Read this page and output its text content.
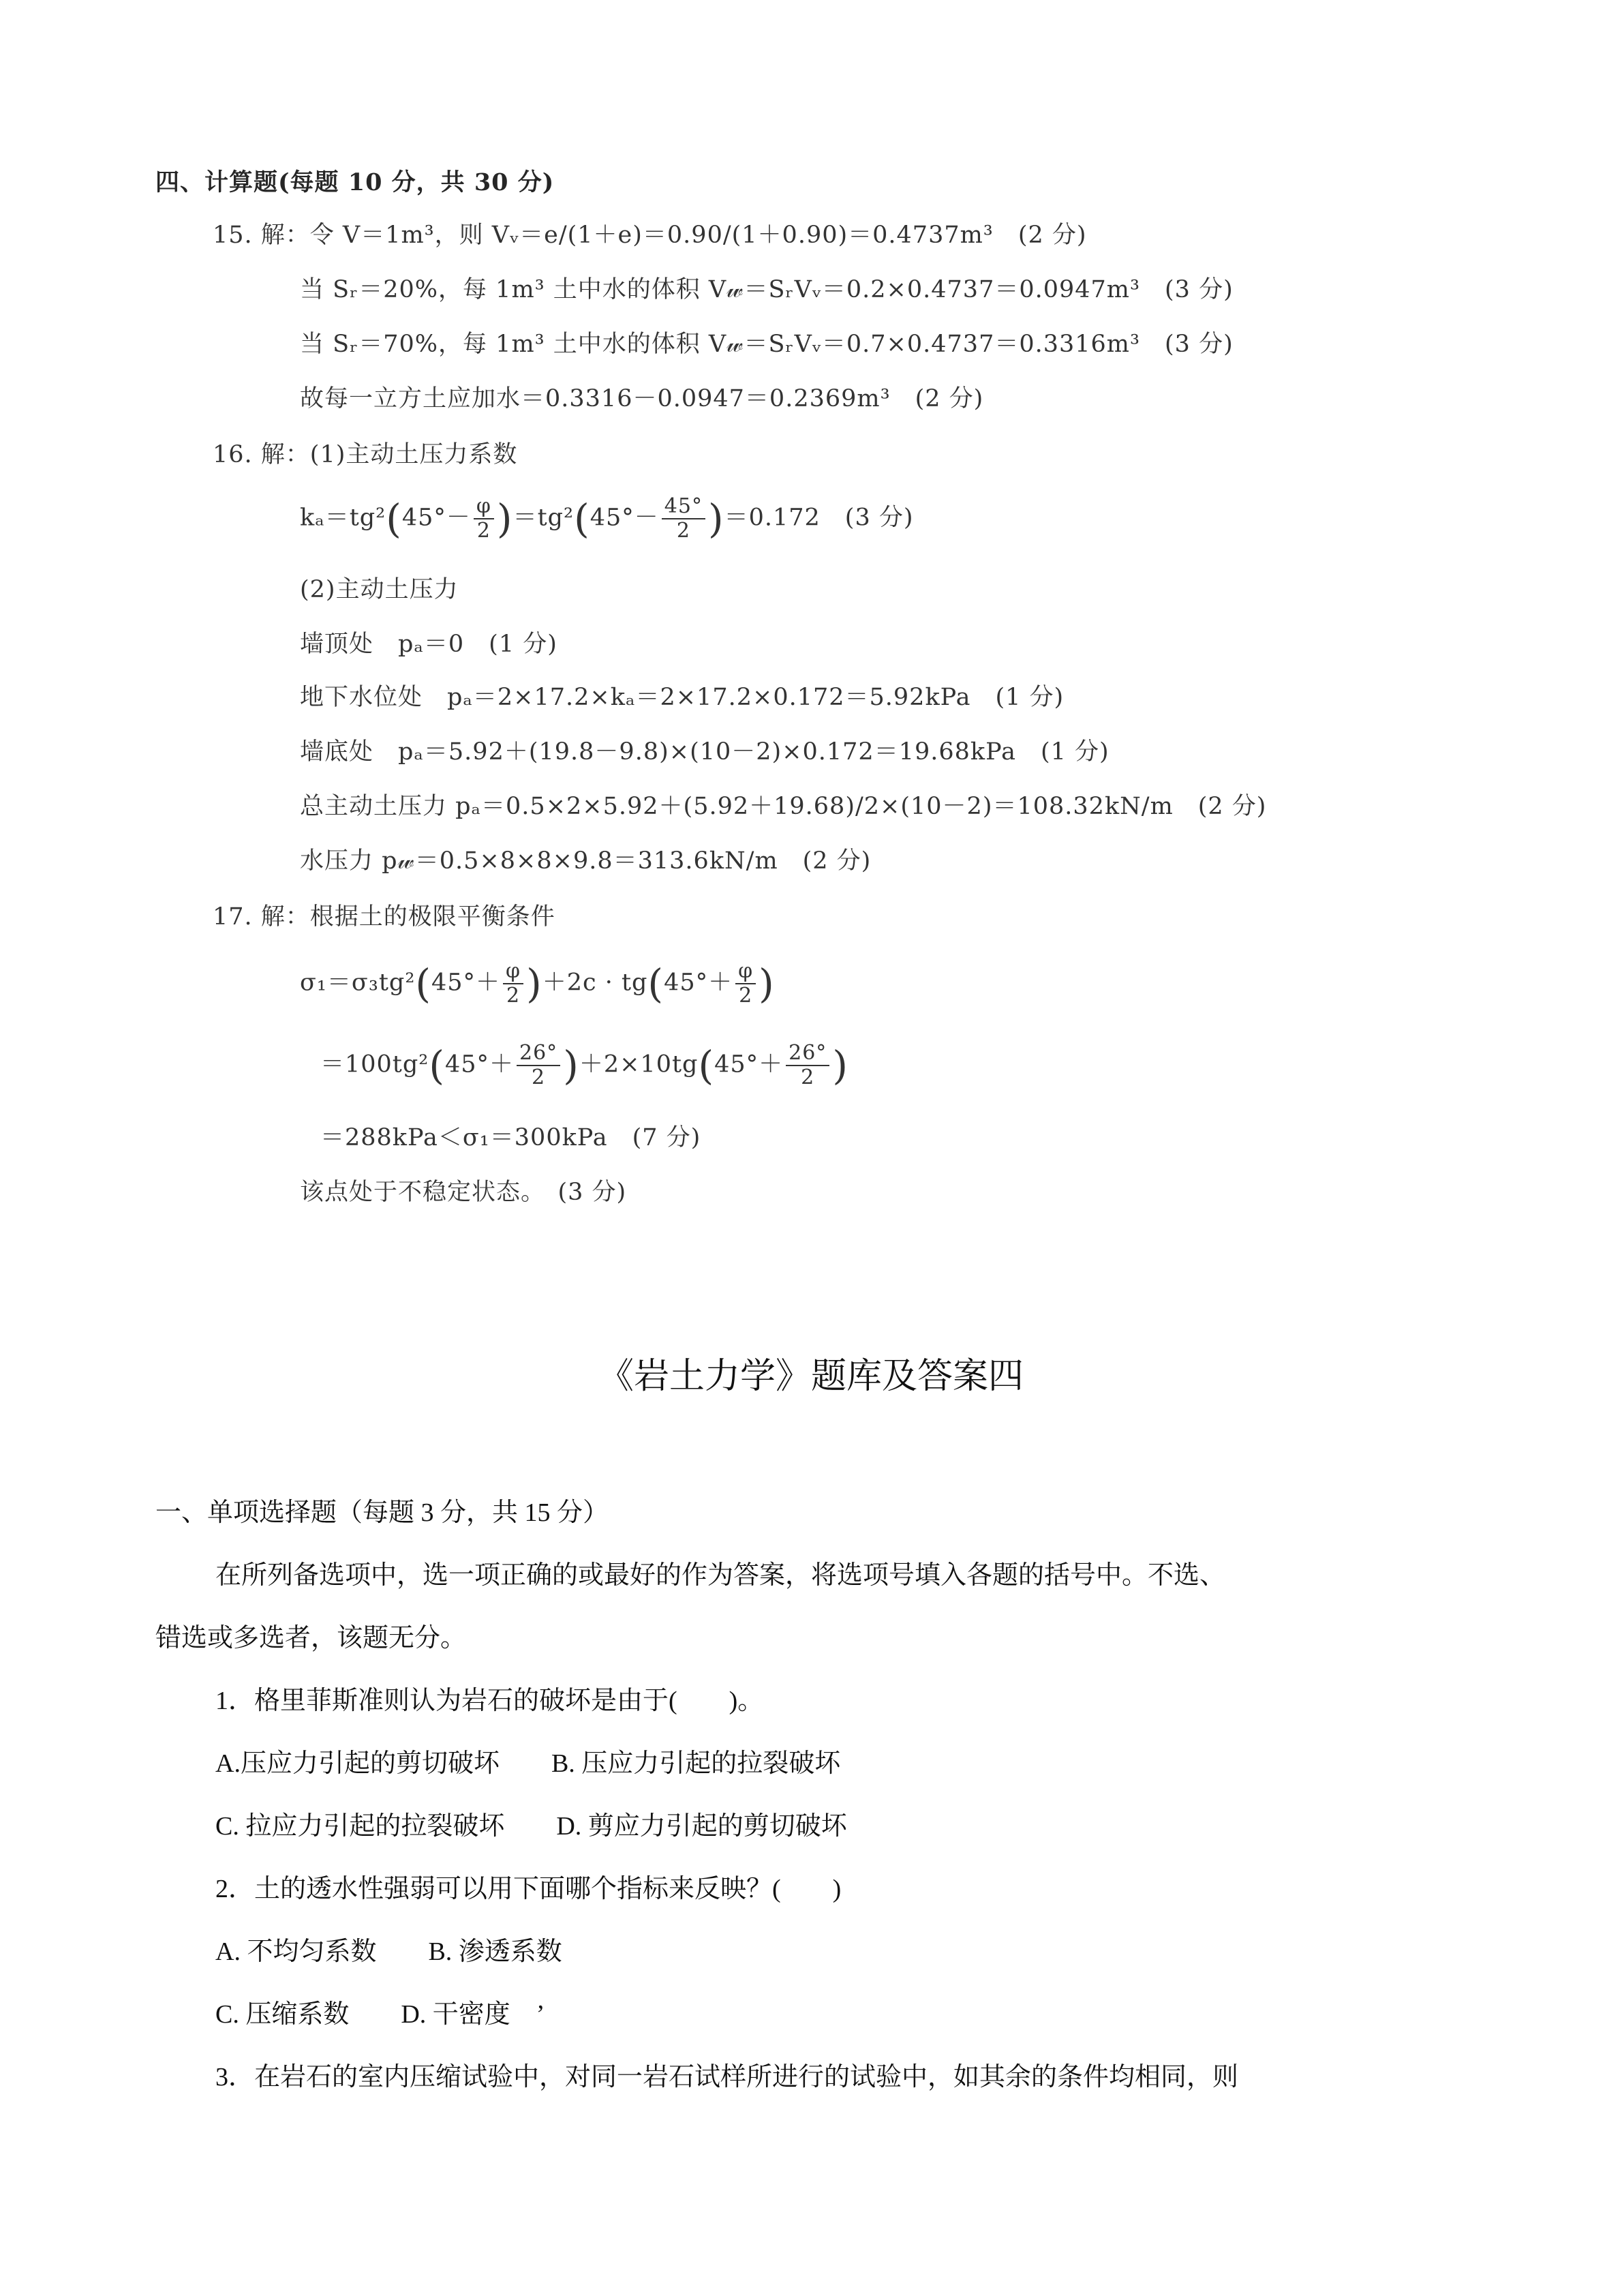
四、计算题(每题 10 分，共 30 分)
15. 解：令 V＝1m³，则 Vᵥ＝e/(1＋e)＝0.90/(1＋0.90)＝0.4737m³　(2 分)
当 Sᵣ＝20%，每 1m³ 土中水的体积 V𝓌＝SᵣVᵥ＝0.2×0.4737＝0.0947m³　(3 分)
当 Sᵣ＝70%，每 1m³ 土中水的体积 V𝓌＝SᵣVᵥ＝0.7×0.4737＝0.3316m³　(3 分)
故每一立方土应加水＝0.3316－0.0947＝0.2369m³　(2 分)
16. 解：(1)主动土压力系数
$k_a=tg^2(45^\circ- \frac{\varphi}{2} )=tg^2(45^\circ- \frac{45^\circ}{2} )=0.172$　(3 分)
(2)主动土压力
墙顶处　pₐ＝0　(1 分)
地下水位处　pₐ＝2×17.2×kₐ＝2×17.2×0.172＝5.92kPa　(1 分)
墙底处　pₐ＝5.92＋(19.8－9.8)×(10－2)×0.172＝19.68kPa　(1 分)
总主动土压力 pₐ＝0.5×2×5.92＋(5.92＋19.68)/2×(10－2)＝108.32kN/m　(2 分)
水压力 p𝓌＝0.5×8×8×9.8＝313.6kN/m　(2 分)
17. 解：根据土的极限平衡条件
$\sigma_1=\sigma_3tg^2(45^\circ+ \frac{\varphi}{2} )+2c \cdot tg(45^\circ+ \frac{\varphi}{2}$ )
$=100tg^2(45^\circ+ \frac{26^\circ}{2} )+2\times 10tg(45^\circ+ \frac{26^\circ}{2}$ )
＝288kPa＜σ₁＝300kPa　(7 分)
该点处于不稳定状态。　(3 分)
《岩土力学》题库及答案四
一、单项选择题（每题 3 分，共 15 分）
在所列备选项中，选一项正确的或最好的作为答案，将选项号填入各题的括号中。不选、
错选或多选者，该题无分。
1．格里菲斯准则认为岩石的破坏是由于(　　)。
A.压应力引起的剪切破坏　　B. 压应力引起的拉裂破坏
C. 拉应力引起的拉裂破坏　　D. 剪应力引起的剪切破坏
2．土的透水性强弱可以用下面哪个指标来反映？(　　)
A. 不均匀系数　　B. 渗透系数
C. 压缩系数　　D. 干密度　’
3．在岩石的室内压缩试验中，对同一岩石试样所进行的试验中，如其余的条件均相同，则
